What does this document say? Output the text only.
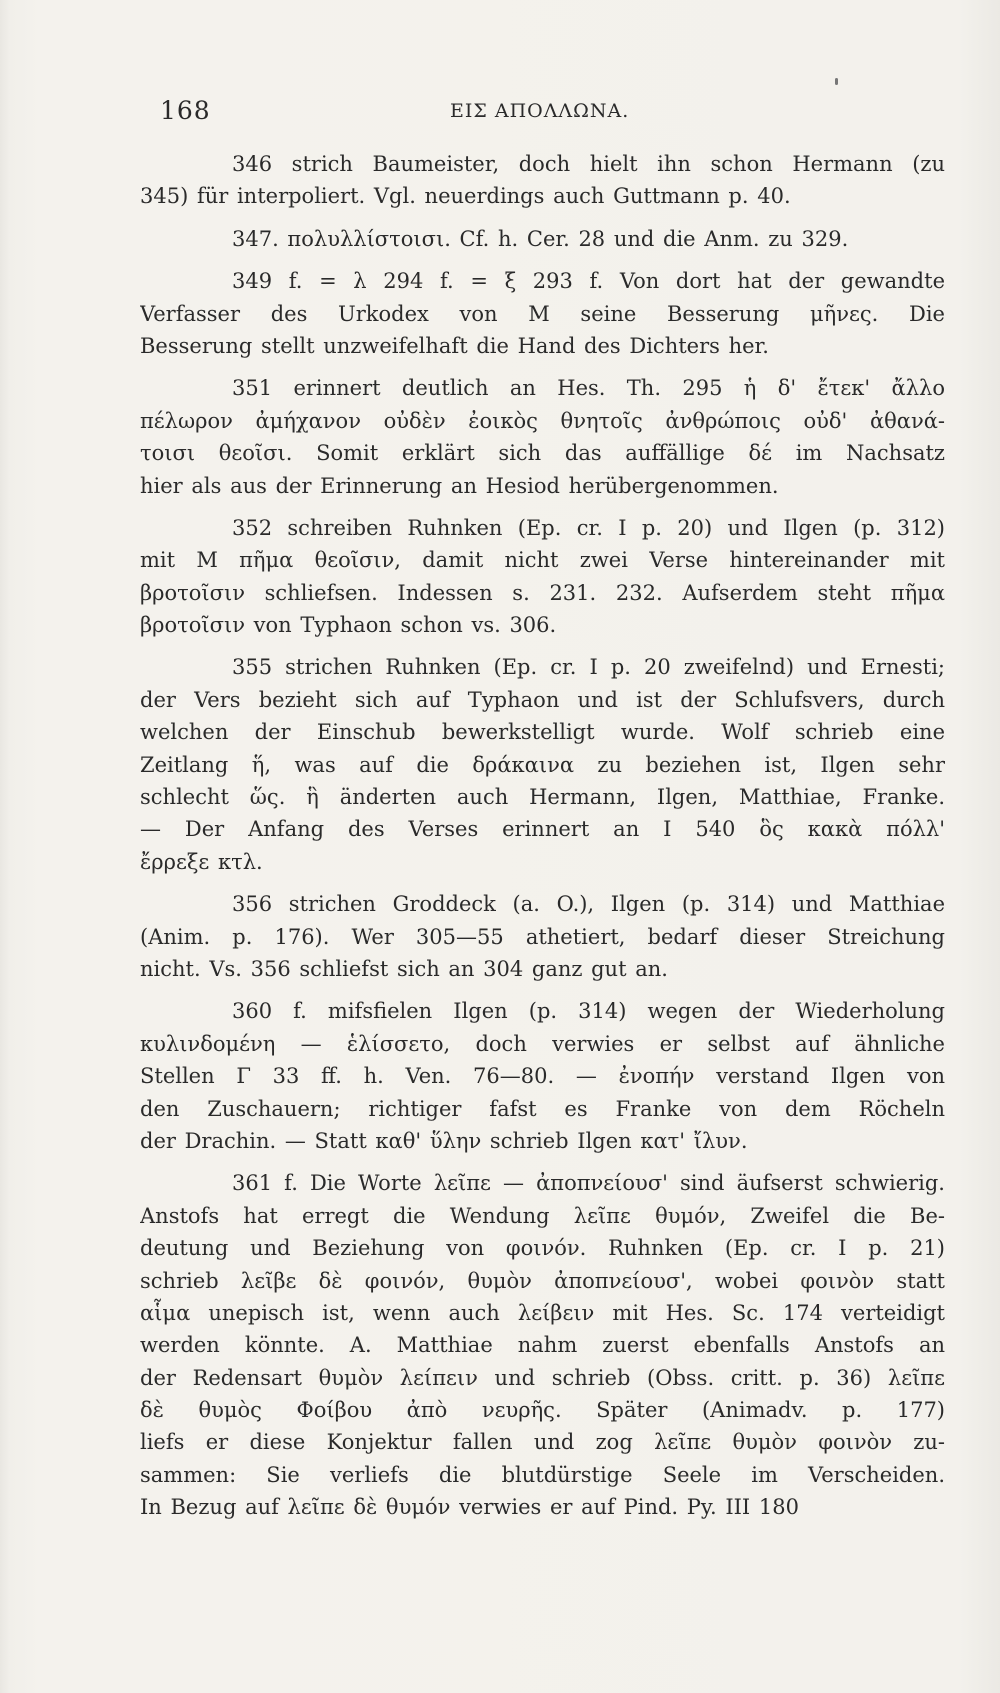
168	ΕΙΣ ΑΠΟΛΛΩΝΑ.
346 strich Baumeister, doch hielt ihn schon Hermann (zu
345) für interpoliert. Vgl. neuerdings auch Guttmann p. 40.
347. πολυλλίστοισι. Cf. h. Cer. 28 und die Anm. zu 329.
349 f. = λ 294 f. = ξ 293 f. Von dort hat der gewandte
Verfasser des Urkodex von M seine Besserung μῆνες. Die
Besserung stellt unzweifelhaft die Hand des Dichters her.
351 erinnert deutlich an Hes. Th. 295 ἡ δ' ἔτεκ' ἄλλο
πέλωρον ἀμήχανον οὐδὲν ἐοικὸς θνητοῖς ἀνθρώποις οὐδ' ἀθανά-
τοισι θεοῖσι. Somit erklärt sich das auffällige δέ im Nachsatz
hier als aus der Erinnerung an Hesiod herübergenommen.
352 schreiben Ruhnken (Ep. cr. I p. 20) und Ilgen (p. 312)
mit M πῆμα θεοῖσιν, damit nicht zwei Verse hintereinander mit
βροτοῖσιν schliefsen. Indessen s. 231. 232. Aufserdem steht πῆμα
βροτοῖσιν von Typhaon schon vs. 306.
355 strichen Ruhnken (Ep. cr. I p. 20 zweifelnd) und Ernesti;
der Vers bezieht sich auf Typhaon und ist der Schlufsvers, durch
welchen der Einschub bewerkstelligt wurde. Wolf schrieb eine
Zeitlang ἥ, was auf die δράκαινα zu beziehen ist, Ilgen sehr
schlecht ὥς. ἣ änderten auch Hermann, Ilgen, Matthiae, Franke.
— Der Anfang des Verses erinnert an I 540 ὃς κακὰ πόλλ'
ἔρρεξε κτλ.
356 strichen Groddeck (a. O.), Ilgen (p. 314) und Matthiae
(Anim. p. 176). Wer 305—55 athetiert, bedarf dieser Streichung
nicht. Vs. 356 schliefst sich an 304 ganz gut an.
360 f. mifsfielen Ilgen (p. 314) wegen der Wiederholung
κυλινδομένη — ἑλίσσετο, doch verwies er selbst auf ähnliche
Stellen Γ 33 ff. h. Ven. 76—80. — ἐνοπήν verstand Ilgen von
den Zuschauern; richtiger fafst es Franke von dem Röcheln
der Drachin. — Statt καθ' ὕλην schrieb Ilgen κατ' ἴλυν.
361 f. Die Worte λεῖπε — ἀποπνείουσ' sind äufserst schwierig.
Anstofs hat erregt die Wendung λεῖπε θυμόν, Zweifel die Be-
deutung und Beziehung von φοινόν. Ruhnken (Ep. cr. I p. 21)
schrieb λεῖβε δὲ φοινόν, θυμὸν ἀποπνείουσ', wobei φοινὸν statt
αἷμα unepisch ist, wenn auch λείβειν mit Hes. Sc. 174 verteidigt
werden könnte. A. Matthiae nahm zuerst ebenfalls Anstofs an
der Redensart θυμὸν λείπειν und schrieb (Obss. critt. p. 36) λεῖπε
δὲ θυμὸς Φοίβου ἀπὸ νευρῆς. Später (Animadv. p. 177)
liefs er diese Konjektur fallen und zog λεῖπε θυμὸν φοινὸν zu-
sammen: Sie verliefs die blutdürstige Seele im Verscheiden.
In Bezug auf λεῖπε δὲ θυμόν verwies er auf Pind. Py. III 180
